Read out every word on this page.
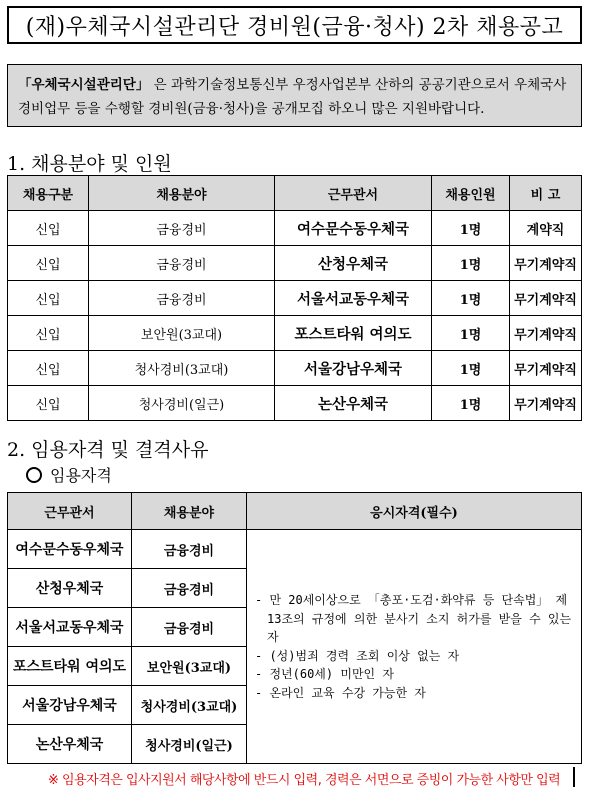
(재)우체국시설관리단 경비원(금융·청사) 2차 채용공고
「우체국시설관리단」 은 과학기술정보통신부 우정사업본부 산하의 공공기관으로서 우체국사 경비업무 등을 수행할 경비원(금융·청사)을 공개모집 하오니 많은 지원바랍니다.
1. 채용분야 및 인원
채용구분	채용분야	근무관서	채용인원	비 고
신입	금융경비	여수문수동우체국	1명	계약직
신입	금융경비	산청우체국	1명	무기계약직
신입	금융경비	서울서교동우체국	1명	무기계약직
신입	보안원(3교대)	포스트타워 여의도	1명	무기계약직
신입	청사경비(3교대)	서울강남우체국	1명	무기계약직
신입	청사경비(일근)	논산우체국	1명	무기계약직
2. 임용자격 및 결격사유
임용자격
근무관서	채용분야	응시자격(필수)
여수문수동우체국	금융경비	- 만 20세이상으로 「총포·도검·화약류 등 단속법」 제13조의 규정에 의한 분사기 소지 허가를 받을 수 있는 자
- (성)범죄 경력 조회 이상 없는 자
- 정년(60세) 미만인 자
- 온라인 교육 수강 가능한 자

산청우체국	금융경비	
서울서교동우체국	금융경비	
포스트타워 여의도	보안원(3교대)	
서울강남우체국	청사경비(3교대)	
논산우체국	청사경비(일근)	
※ 임용자격은 입사지원서 해당사항에 반드시 입력, 경력은 서면으로 증빙이 가능한 사항만 입력
